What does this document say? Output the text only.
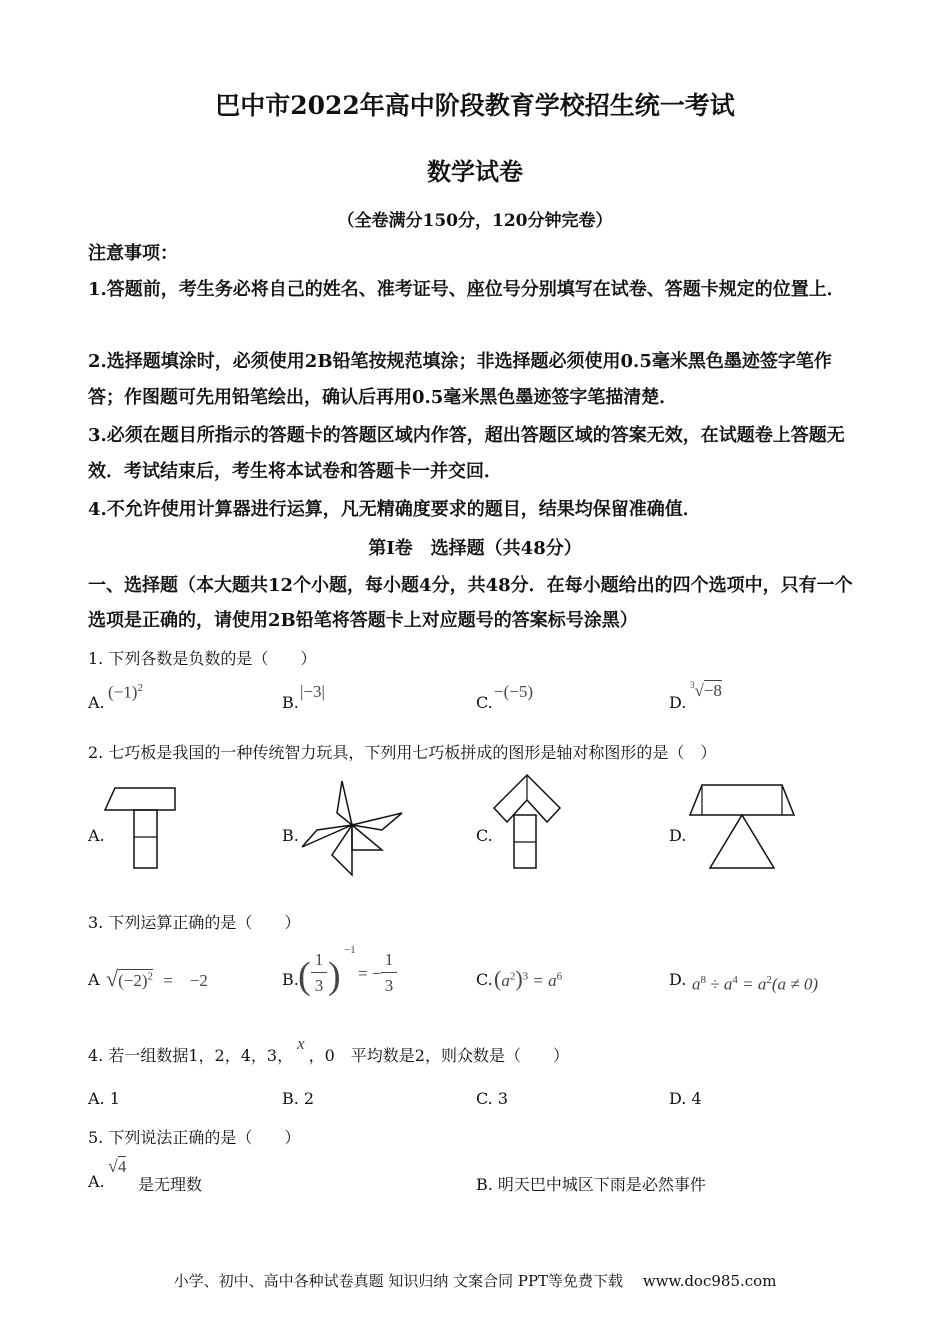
巴中市2022年高中阶段教育学校招生统一考试
数学试卷
（全卷满分150分，120分钟完卷）
注意事项：
1.答题前，考生务必将自己的姓名、准考证号、座位号分别填写在试卷、答题卡规定的位置上．
2.选择题填涂时，必须使用2B铅笔按规范填涂；非选择题必须使用0.5毫米黑色墨迹签字笔作答；作图题可先用铅笔绘出，确认后再用0.5毫米黑色墨迹签字笔描清楚．
3.必须在题目所指示的答题卡的答题区域内作答，超出答题区域的答案无效，在试题卷上答题无效．考试结束后，考生将本试卷和答题卡一并交回．
4.不允许使用计算器进行运算，凡无精确度要求的题目，结果均保留准确值．
第Ⅰ卷　选择题（共48分）
一、选择题（本大题共12个小题，每小题4分，共48分．在每小题给出的四个选项中，只有一个选项是正确的，请使用2B铅笔将答题卡上对应题号的答案标号涂黑）
1. 下列各数是负数的是（　　）
A.
$(-1)^2$
B.
|−3|
C.
−(−5)
D.
$^3$√−8
2. 七巧板是我国的一种传统智力玩具，下列用七巧板拼成的图形是轴对称图形的是（　）
A.	B.	C.	D.
3. 下列运算正确的是（　　）
A $√(-2)^2$ =　−2	B. ( 1
3 )
−1
= −
1
3	C. $(a^2)^3 = a^6$	D. $a^8 \div a^4 = a^2(a \ne 0)$
4. 若一组数据1，2，4，3，x，0　平均数是2，则众数是（　　）
A. 1	B. 2	C. 3	D. 4
5. 下列说法正确的是（　　）
A.
√4
是无理数	B. 明天巴中城区下雨是必然事件
小学、初中、高中各种试卷真题 知识归纳 文案合同 PPT等免费下载　 www.doc985.com
